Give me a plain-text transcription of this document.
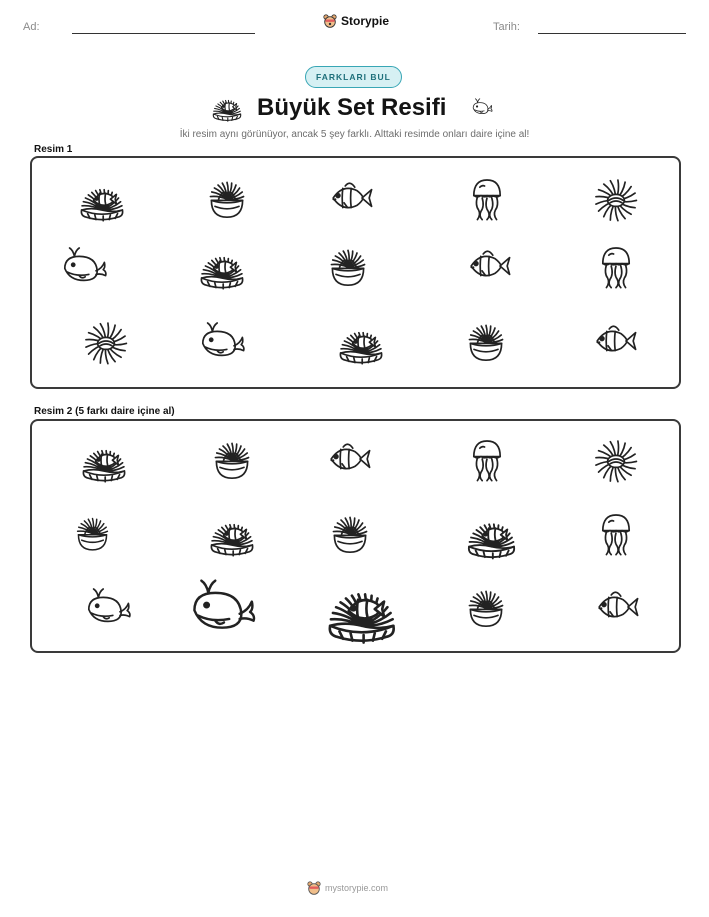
Ad:	Storypie	Tarih:
FARKLARI BUL
Büyük Set Resifi
İki resim aynı görünüyor, ancak 5 şey farklı. Alttaki resimde onları daire içine al!
Resim 1
Resim 2 (5 farkı daire içine al)
mystorypie.com
